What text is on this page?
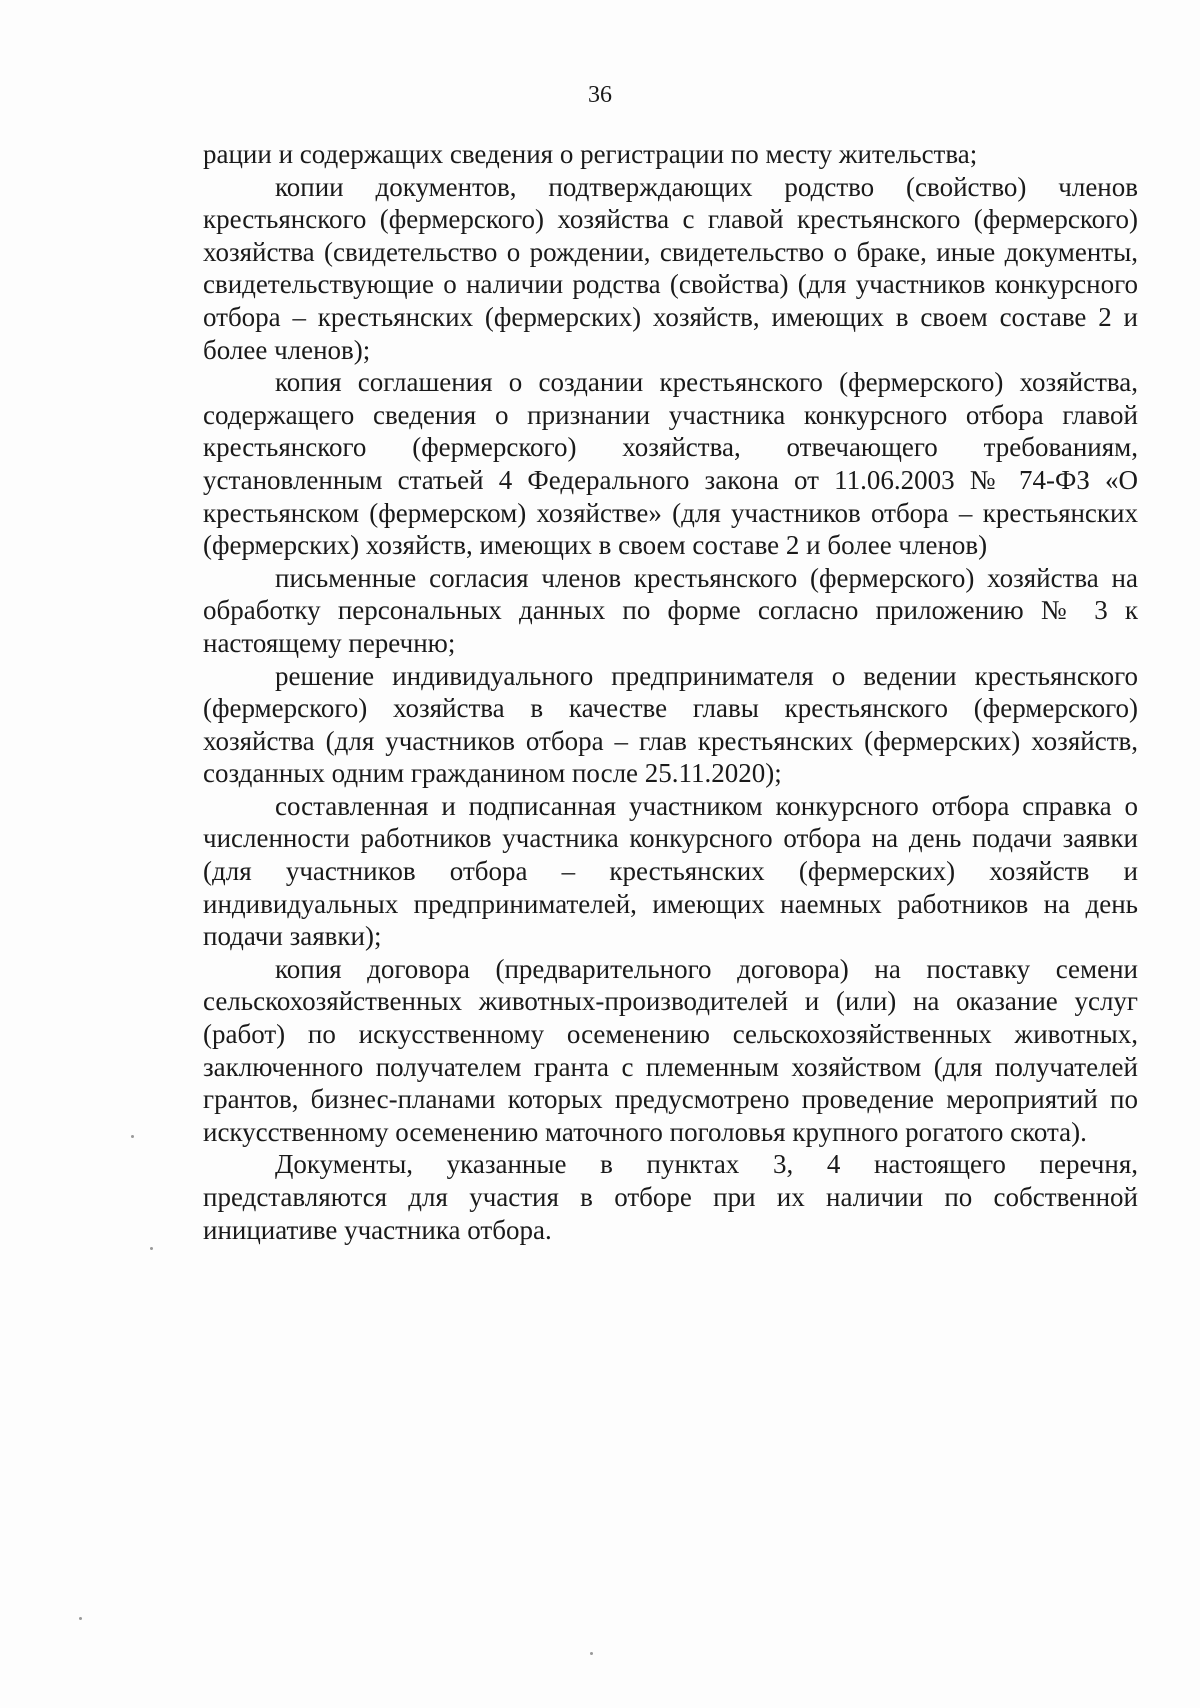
36

рации и содержащих сведения о регистрации по месту жительства;

копии документов, подтверждающих родство (свойство) членов крестьянского (фермерского) хозяйства с главой крестьянского (фермерского) хозяйства (свидетельство о рождении, свидетельство о браке, иные документы, свидетельствующие о наличии родства (свойства) (для участников конкурсного отбора – крестьянских (фермерских) хозяйств, имеющих в своем составе 2 и более членов);

копия соглашения о создании крестьянского (фермерского) хозяйства, содержащего сведения о признании участника конкурсного отбора главой крестьянского (фермерского) хозяйства, отвечающего требованиям, установленным статьей 4 Федерального закона от 11.06.2003 № 74-ФЗ «О крестьянском (фермерском) хозяйстве» (для участников отбора – крестьянских (фермерских) хозяйств, имеющих в своем составе 2 и более членов)

письменные согласия членов крестьянского (фермерского) хозяйства на обработку персональных данных по форме согласно приложению № 3 к настоящему перечню;

решение индивидуального предпринимателя о ведении крестьянского (фермерского) хозяйства в качестве главы крестьянского (фермерского) хозяйства (для участников отбора – глав крестьянских (фермерских) хозяйств, созданных одним гражданином после 25.11.2020);

составленная и подписанная участником конкурсного отбора справка о численности работников участника конкурсного отбора на день подачи заявки (для участников отбора – крестьянских (фермерских) хозяйств и индивидуальных предпринимателей, имеющих наемных работников на день подачи заявки);

копия договора (предварительного договора) на поставку семени сельскохозяйственных животных-производителей и (или) на оказание услуг (работ) по искусственному осеменению сельскохозяйственных животных, заключенного получателем гранта с племенным хозяйством (для получателей грантов, бизнес-планами которых предусмотрено проведение мероприятий по искусственному осеменению маточного поголовья крупного рогатого скота).

Документы, указанные в пунктах 3, 4 настоящего перечня, представляются для участия в отборе при их наличии по собственной инициативе участника отбора.
